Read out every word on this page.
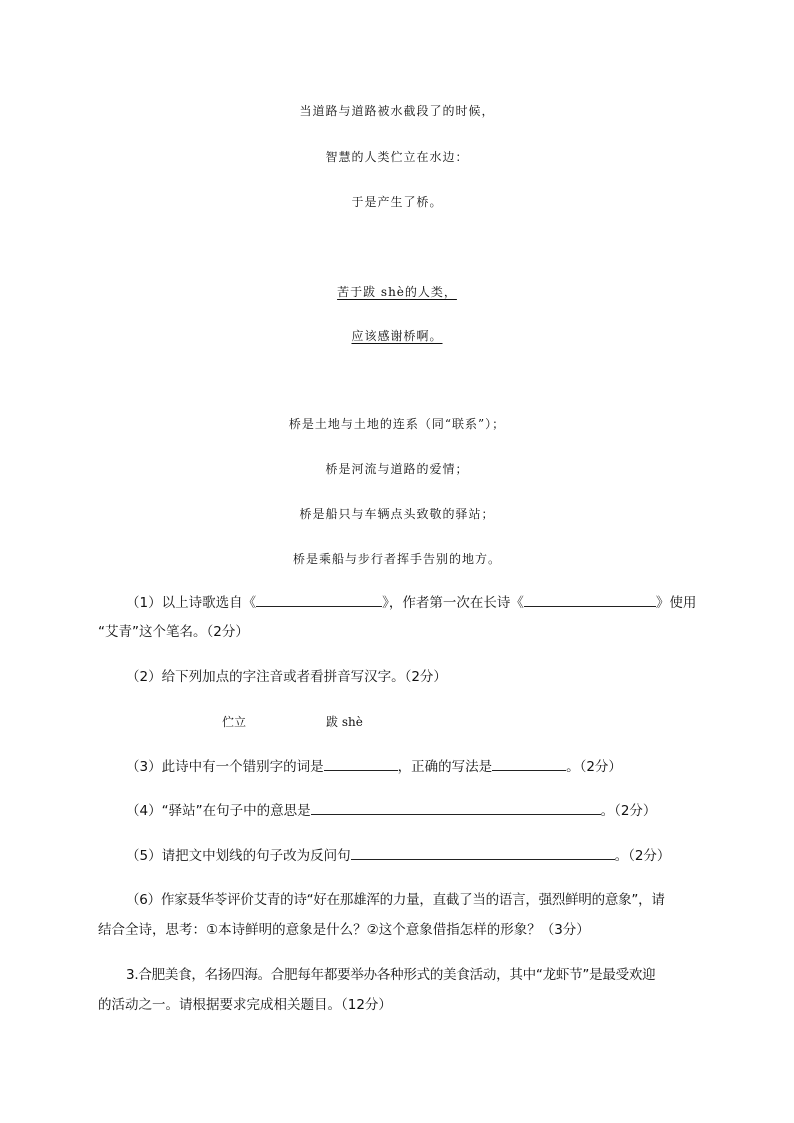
当道路与道路被水截段了的时候，
智慧的人类伫立在水边：
于是产生了桥。
苦于跋 shè的人类，
应该感谢桥啊。
桥是土地与土地的连系（同“联系”）；
桥是河流与道路的爱情；
桥是船只与车辆点头致敬的驿站；
桥是乘船与步行者挥手告别的地方。
（1）以上诗歌选自《	》，作者第一次在长诗《	》使用
“艾青”这个笔名。（2分）
（2）给下列加点的字注音或者看拼音写汉字。（2分）
伫立	跋 shè
（3）此诗中有一个错别字的词是	，正确的写法是	。（2分）
（4）“驿站”在句子中的意思是	。（2分）
（5）请把文中划线的句子改为反问句	。（2分）
（6）作家聂华苓评价艾青的诗“好在那雄浑的力量，直截了当的语言，强烈鲜明的意象”，请
结合全诗，思考：①本诗鲜明的意象是什么？②这个意象借指怎样的形象？（3分）
3.合肥美食，名扬四海。合肥每年都要举办各种形式的美食活动，其中“龙虾节”是最受欢迎
的活动之一。请根据要求完成相关题目。（12分）
